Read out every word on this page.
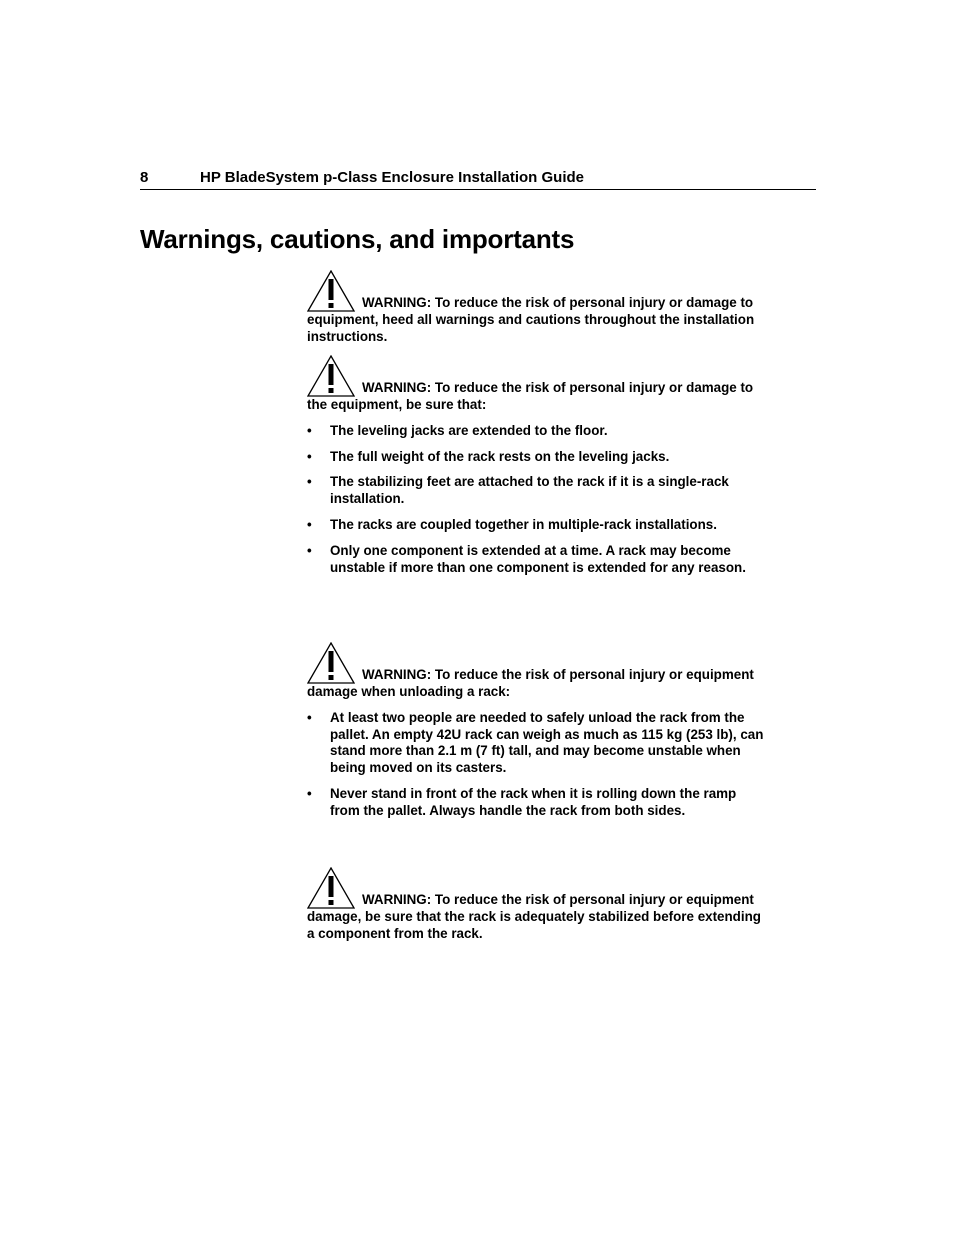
8	HP BladeSystem p-Class Enclosure Installation Guide
Warnings, cautions, and importants

WARNING: To reduce the risk of personal injury or damage to equipment, heed all warnings and cautions throughout the installation instructions.

WARNING: To reduce the risk of personal injury or damage to the equipment, be sure that:

• The leveling jacks are extended to the floor.
• The full weight of the rack rests on the leveling jacks.
• The stabilizing feet are attached to the rack if it is a single-rack installation.
• The racks are coupled together in multiple-rack installations.
• Only one component is extended at a time. A rack may become unstable if more than one component is extended for any reason.

WARNING: To reduce the risk of personal injury or equipment damage when unloading a rack:

• At least two people are needed to safely unload the rack from the pallet. An empty 42U rack can weigh as much as 115 kg (253 lb), can stand more than 2.1 m (7 ft) tall, and may become unstable when being moved on its casters.
• Never stand in front of the rack when it is rolling down the ramp from the pallet. Always handle the rack from both sides.

WARNING: To reduce the risk of personal injury or equipment damage, be sure that the rack is adequately stabilized before extending a component from the rack.
